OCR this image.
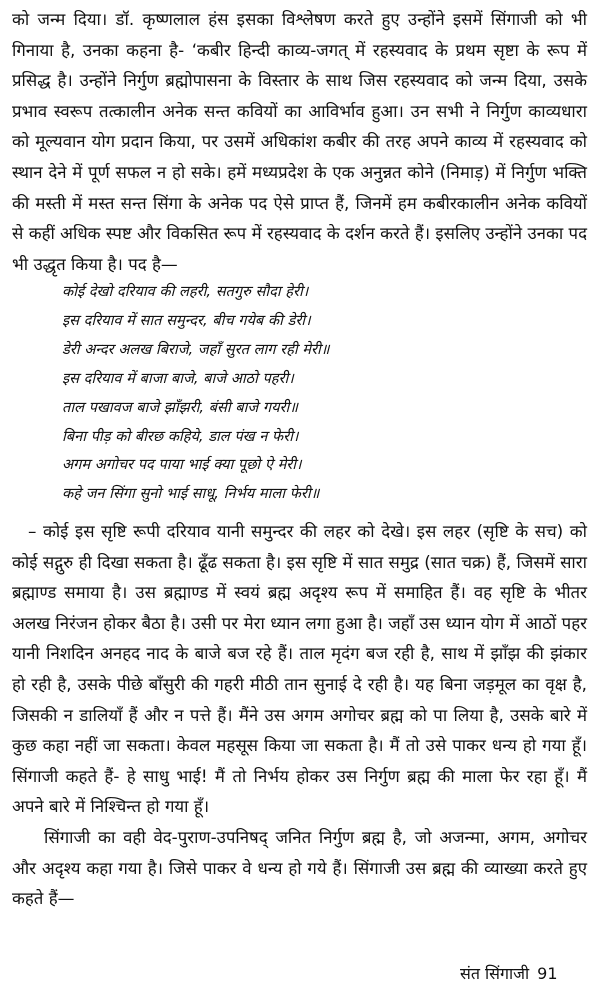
को जन्म दिया। डॉ. कृष्णलाल हंस इसका विश्लेषण करते हुए उन्होंने इसमें सिंगाजी को भी गिनाया है, उनका कहना है- ‘कबीर हिन्दी काव्य-जगत् में रहस्यवाद के प्रथम सृष्टा के रूप में प्रसिद्ध है। उन्होंने निर्गुण ब्रह्मोपासना के विस्तार के साथ जिस रहस्यवाद को जन्म दिया, उसके प्रभाव स्वरूप तत्कालीन अनेक सन्त कवियों का आविर्भाव हुआ। उन सभी ने निर्गुण काव्यधारा को मूल्यवान योग प्रदान किया, पर उसमें अधिकांश कबीर की तरह अपने काव्य में रहस्यवाद को स्थान देने में पूर्ण सफल न हो सके। हमें मध्यप्रदेश के एक अनुन्नत कोने (निमाड़) में निर्गुण भक्ति की मस्ती में मस्त सन्त सिंगा के अनेक पद ऐसे प्राप्त हैं, जिनमें हम कबीरकालीन अनेक कवियों से कहीं अधिक स्पष्ट और विकसित रूप में रहस्यवाद के दर्शन करते हैं। इसलिए उन्होंने उनका पद भी उद्धृत किया है। पद है—

कोई देखो दरियाव की लहरी, सतगुरु सौदा हेरी।
इस दरियाव में सात समुन्दर, बीच गयेब की डेरी।
डेरी अन्दर अलख बिराजे, जहाँ सुरत लाग रही मेरी॥
इस दरियाव में बाजा बाजे, बाजे आठो पहरी।
ताल पखावज बाजे झाँझरी, बंसी बाजे गयरी॥
बिना पीड़ को बीरछ कहिये, डाल पंख न फेरी।
अगम अगोचर पद पाया भाई क्या पूछो ऐ मेरी।
कहे जन सिंगा सुनो भाई साधू, निर्भय माला फेरी॥

– कोई इस सृष्टि रूपी दरियाव यानी समुन्दर की लहर को देखे। इस लहर (सृष्टि के सच) को कोई सद्गुरु ही दिखा सकता है। ढूँढ सकता है। इस सृष्टि में सात समुद्र (सात चक्र) हैं, जिसमें सारा ब्रह्माण्ड समाया है। उस ब्रह्माण्ड में स्वयं ब्रह्म अदृश्य रूप में समाहित हैं। वह सृष्टि के भीतर अलख निरंजन होकर बैठा है। उसी पर मेरा ध्यान लगा हुआ है। जहाँ उस ध्यान योग में आठों पहर यानी निशदिन अनहद नाद के बाजे बज रहे हैं। ताल मृदंग बज रही है, साथ में झाँझ की झंकार हो रही है, उसके पीछे बाँसुरी की गहरी मीठी तान सुनाई दे रही है। यह बिना जड़मूल का वृक्ष है, जिसकी न डालियाँ हैं और न पत्ते हैं। मैंने उस अगम अगोचर ब्रह्म को पा लिया है, उसके बारे में कुछ कहा नहीं जा सकता। केवल महसूस किया जा सकता है। मैं तो उसे पाकर धन्य हो गया हूँ। सिंगाजी कहते हैं- हे साधु भाई! मैं तो निर्भय होकर उस निर्गुण ब्रह्म की माला फेर रहा हूँ। मैं अपने बारे में निश्चिन्त हो गया हूँ।

सिंगाजी का वही वेद-पुराण-उपनिषद् जनित निर्गुण ब्रह्म है, जो अजन्मा, अगम, अगोचर और अदृश्य कहा गया है। जिसे पाकर वे धन्य हो गये हैं। सिंगाजी उस ब्रह्म की व्याख्या करते हुए कहते हैं—

संत सिंगाजी 91
